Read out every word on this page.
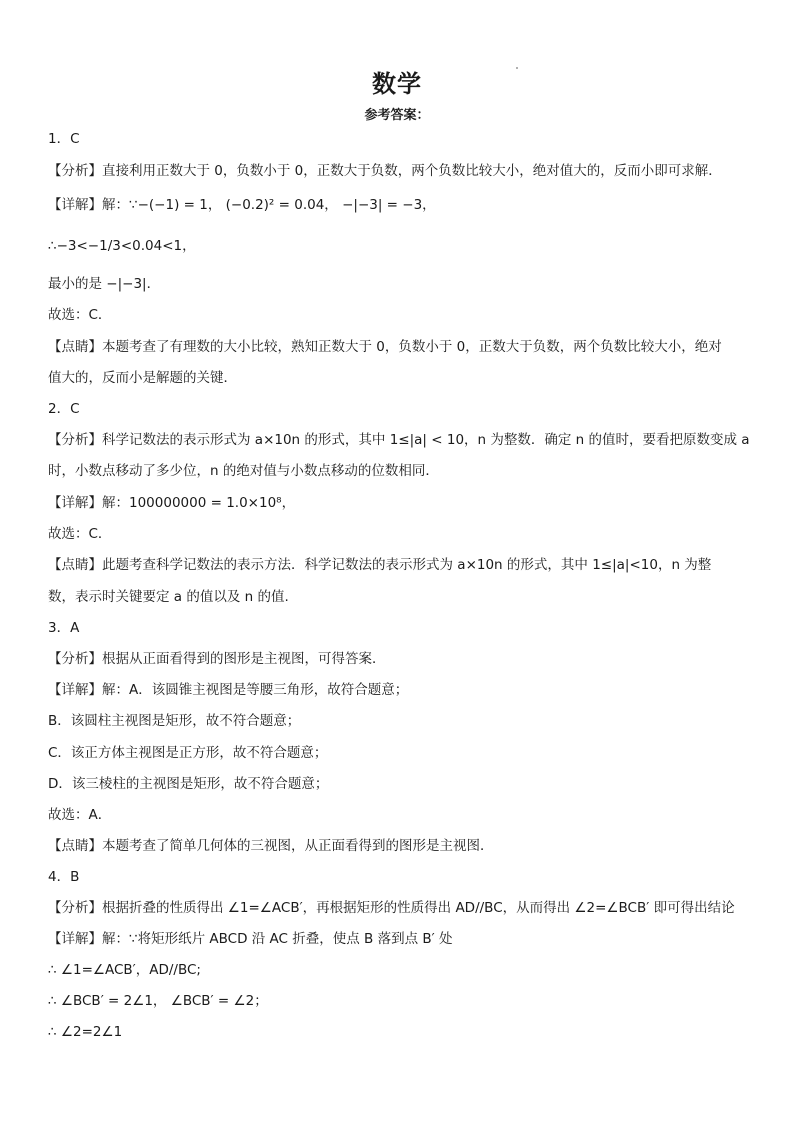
数学
参考答案：
1．C
【分析】直接利用正数大于 0，负数小于 0，正数大于负数，两个负数比较大小，绝对值大的，反而小即可求解．
【详解】解：∵−(−1) = 1， (−0.2)² = 0.04， −|−3| = −3，
∴−3<−1/3<0.04<1，
最小的是 −|−3|．
故选：C．
【点睛】本题考查了有理数的大小比较，熟知正数大于 0，负数小于 0，正数大于负数，两个负数比较大小，绝对
值大的，反而小是解题的关键．
2．C
【分析】科学记数法的表示形式为 a×10n 的形式，其中 1≤|a| < 10，n 为整数．确定 n 的值时，要看把原数变成 a
时，小数点移动了多少位，n 的绝对值与小数点移动的位数相同．
【详解】解：100000000 = 1.0×10⁸，
故选：C．
【点睛】此题考查科学记数法的表示方法．科学记数法的表示形式为 a×10n 的形式，其中 1≤|a|<10，n 为整
数，表示时关键要定 a 的值以及 n 的值.
3．A
【分析】根据从正面看得到的图形是主视图，可得答案．
【详解】解：A．该圆锥主视图是等腰三角形，故符合题意；
B．该圆柱主视图是矩形，故不符合题意；
C．该正方体主视图是正方形，故不符合题意；
D．该三棱柱的主视图是矩形，故不符合题意；
故选：A．
【点睛】本题考查了简单几何体的三视图，从正面看得到的图形是主视图．
4．B
【分析】根据折叠的性质得出 ∠1=∠ACB′，再根据矩形的性质得出 AD//BC，从而得出 ∠2=∠BCB′ 即可得出结论
【详解】解：∵将矩形纸片 ABCD 沿 AC 折叠，使点 B 落到点 B′ 处
∴ ∠1=∠ACB′，AD//BC;
∴ ∠BCB′ = 2∠1， ∠BCB′ = ∠2；
∴ ∠2=2∠1
